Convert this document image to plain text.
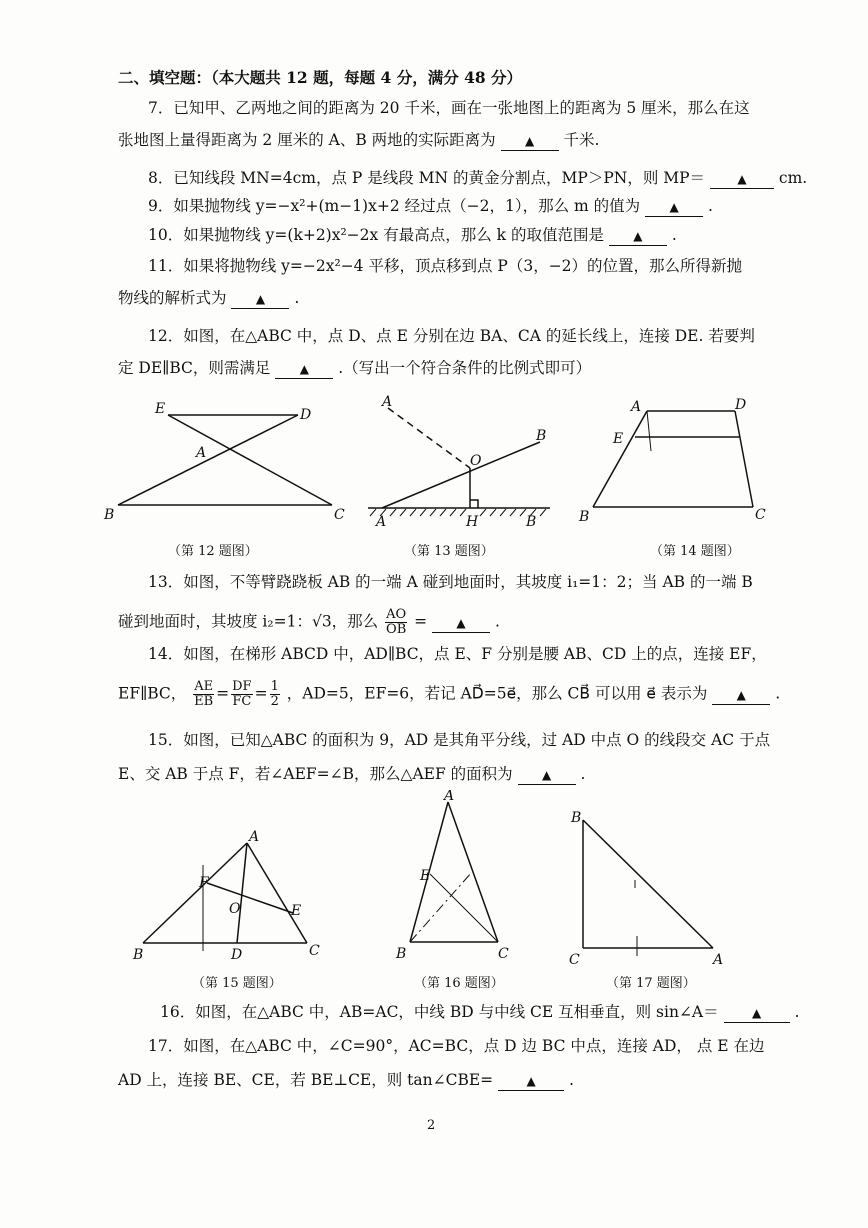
二、填空题：（本大题共 12 题，每题 4 分，满分 48 分）
7．已知甲、乙两地之间的距离为 20 千米，画在一张地图上的距离为 5 厘米，那么在这
张地图上量得距离为 2 厘米的 A、B 两地的实际距离为 ▲ 千米.
8．已知线段 MN=4cm，点 P 是线段 MN 的黄金分割点，MP＞PN，则 MP＝	▲ cm.
9．如果抛物线 y=−x²+(m−1)x+2 经过点（−2，1），那么 m 的值为 ▲ .
10．如果抛物线 y=(k+2)x²−2x 有最高点，那么 k 的取值范围是 ▲ .
11．如果将抛物线 y=−2x²−4 平移，顶点移到点 P（3，−2）的位置，那么所得新抛
物线的解析式为 ▲ .
12．如图，在△ABC 中，点 D、点 E 分别在边 BA、CA 的延长线上，连接 DE. 若要判
定 DE∥BC，则需满足 ▲ .（写出一个符合条件的比例式即可）
E	D
A
B	C
A
B
O
A	H	B
A	D
E
B	C
（第 12 题图）	（第 13 题图）	（第 14 题图）
13．如图，不等臂跷跷板 AB 的一端 A 碰到地面时，其坡度 i₁=1：2；当 AB 的一端 B
碰到地面时，其坡度 i₂=1：√3，那么 $\frac{AO}{OB}$ = ▲ .
14．如图，在梯形 ABCD 中，AD∥BC，点 E、F 分别是腰 AB、CD 上的点，连接 EF，
EF∥BC， $\frac{AE}{EB} = \frac{DF}{FC} = \frac{1}{2}$ ，AD=5，EF=6，若记 AD⃗=5e⃗，那么 CB⃗ 可以用 e⃗ 表示为 ▲ .
15．如图，已知△ABC 的面积为 9，AD 是其角平分线，过 AD 中点 O 的线段交 AC 于点
E、交 AB 于点 F，若∠AEF=∠B，那么△AEF 的面积为 ▲ .
A
F
O	E
B	D	C
A
E
B	C
B
C	A
（第 15 题图）	（第 16 题图）	（第 17 题图）
16．如图，在△ABC 中，AB=AC，中线 BD 与中线 CE 互相垂直，则 sin∠A＝	▲ .
17．如图，在△ABC 中，∠C=90°，AC=BC，点 D 边 BC 中点，连接 AD， 点 E 在边
AD 上，连接 BE、CE，若 BE⊥CE，则 tan∠CBE=	▲ .
2
